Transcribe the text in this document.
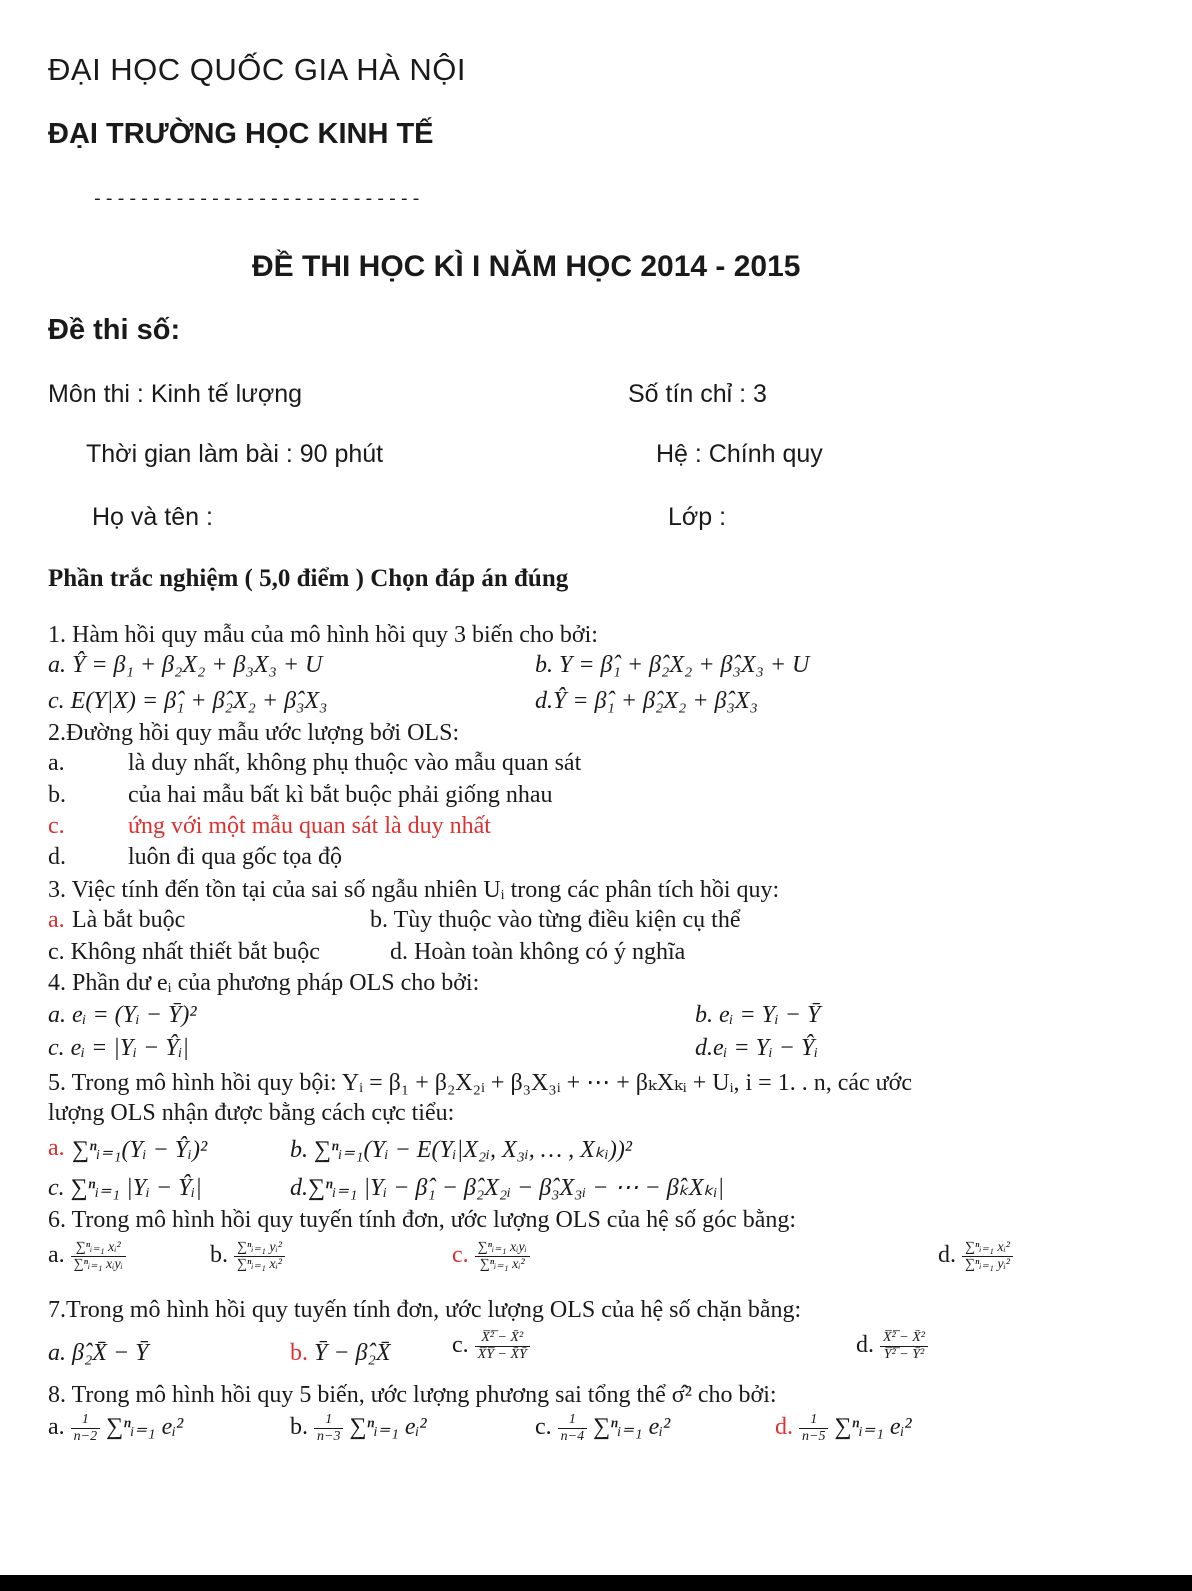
ĐẠI HỌC QUỐC GIA HÀ NỘI
ĐẠI TRƯỜNG HỌC KINH TẾ
----------------------------
ĐỀ THI HỌC KÌ I NĂM HỌC 2014 - 2015
Đề thi số:
Môn thi : Kinh tế lượng	Số tín chỉ : 3
Thời gian làm bài : 90 phút	Hệ : Chính quy
Họ và tên :	Lớp :
Phần trắc nghiệm ( 5,0 điểm ) Chọn đáp án đúng
1. Hàm hồi quy mẫu của mô hình hồi quy 3 biến cho bởi:
a. Ŷ = β₁ + β₂X₂ + β₃X₃ + U	b. Y = β̂₁ + β̂₂X₂ + β̂₃X₃ + U
c. E(Y|X) = β̂₁ + β̂₂X₂ + β̂₃X₃	d.Ŷ = β̂₁ + β̂₂X₂ + β̂₃X₃
2.Đường hồi quy mẫu ước lượng bởi OLS:
a.	là duy nhất, không phụ thuộc vào mẫu quan sát
b.	của hai mẫu bất kì bắt buộc phải giống nhau
c.	ứng với một mẫu quan sát là duy nhất
d.	luôn đi qua gốc tọa độ
3. Việc tính đến tồn tại của sai số ngẫu nhiên Uᵢ trong các phân tích hồi quy:
a. Là bắt buộc	b. Tùy thuộc vào từng điều kiện cụ thể
c. Không nhất thiết bắt buộc	d. Hoàn toàn không có ý nghĩa
4. Phần dư eᵢ của phương pháp OLS cho bởi:
a. eᵢ = (Yᵢ − Ȳ)²	b. eᵢ = Yᵢ − Ȳ
c. eᵢ = |Yᵢ − Ŷᵢ|	d.eᵢ = Yᵢ − Ŷᵢ
5. Trong mô hình hồi quy bội: Yᵢ = β₁ + β₂X₂ᵢ + β₃X₃ᵢ + ⋯ + βₖXₖᵢ + Uᵢ, i = 1. . n, các ước
lượng OLS nhận được bằng cách cực tiểu:
a. ∑ⁿᵢ₌₁(Yᵢ − Ŷᵢ)²	b. ∑ⁿᵢ₌₁(Yᵢ − E(Yᵢ|X₂ᵢ, X₃ᵢ, … , Xₖᵢ))²
c. ∑ⁿᵢ₌₁ |Yᵢ − Ŷᵢ|	d.∑ⁿᵢ₌₁ |Yᵢ − β̂₁ − β̂₂X₂ᵢ − β̂₃X₃ᵢ − ⋯ − β̂ₖXₖᵢ|
6. Trong mô hình hồi quy tuyến tính đơn, ước lượng OLS của hệ số góc bằng:
a. $\frac{\text{∑ⁿᵢ₌₁ xᵢ²}}{\text{∑ⁿᵢ₌₁ xᵢyᵢ}}$	b. $\frac{\text{∑ⁿᵢ₌₁ yᵢ²}}{\text{∑ⁿᵢ₌₁ xᵢ²}}$	c. $\frac{\text{∑ⁿᵢ₌₁ xᵢyᵢ}}{\text{∑ⁿᵢ₌₁ xᵢ²}}$	d. $\frac{\text{∑ⁿᵢ₌₁ xᵢ²}}{\text{∑ⁿᵢ₌₁ yᵢ²}}$
7.Trong mô hình hồi quy tuyến tính đơn, ước lượng OLS của hệ số chặn bằng:
a. β̂₂X̄ − Ȳ	b. Ȳ − β̂₂X̄	c. $\frac{\text{X̅²̅ − X̄²}}{X̅Y̅ - X̄Ȳ}$	d. $\frac{\text{X̅²̅ − X̄²}}{\text{Y̅²̅ − Ȳ²}}$
8. Trong mô hình hồi quy 5 biến, ước lượng phương sai tổng thể σ̂² cho bởi:
a. $\frac{1}{n-2}$ ∑ⁿᵢ₌₁ eᵢ²	b. $\frac{1}{n-3}$ ∑ⁿᵢ₌₁ eᵢ²	c. $\frac{1}{n-4}$ ∑ⁿᵢ₌₁ eᵢ²	d. $\frac{1}{n-5}$ ∑ⁿᵢ₌₁ eᵢ²
